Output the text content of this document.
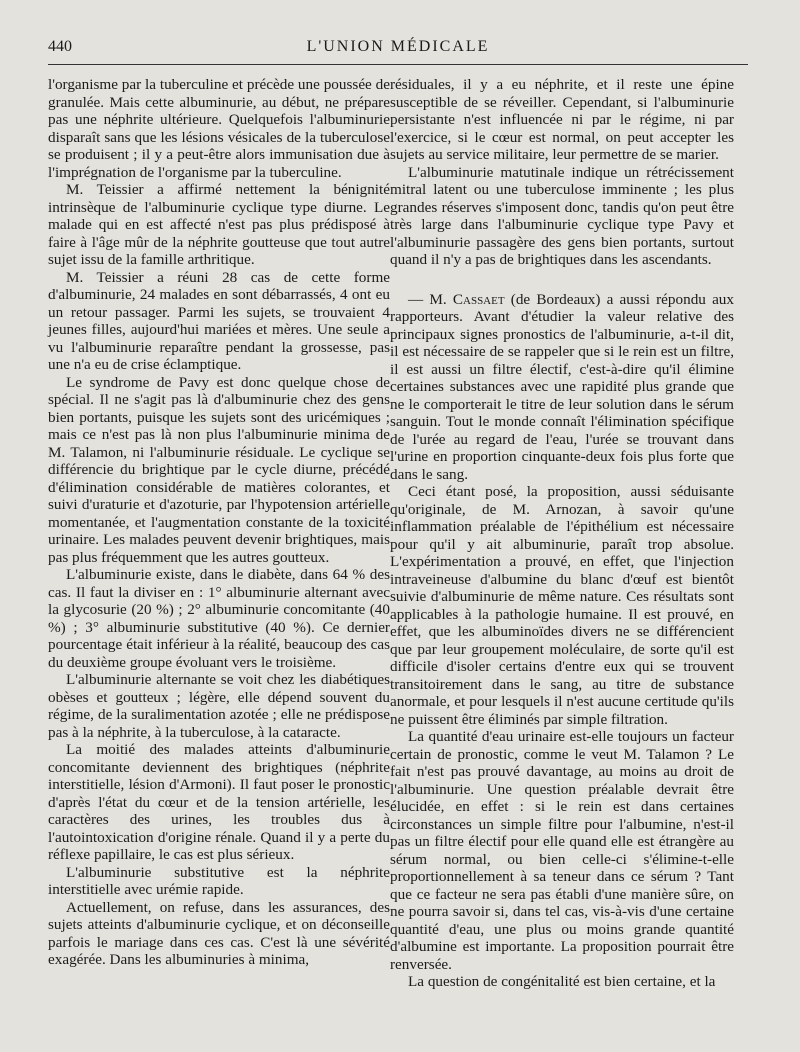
440	L'UNION MÉDICALE

l'organisme par la tuberculine et précède une poussée de granulée. Mais cette albuminurie, au début, ne prépare pas une néphrite ultérieure. Quelquefois l'albuminurie disparaît sans que les lésions vésicales de la tuberculose se produisent ; il y a peut-être alors immunisation due à l'imprégnation de l'organisme par la tuberculine.

M. Teissier a affirmé nettement la bénignité intrinsèque de l'albuminurie cyclique type diurne. Le malade qui en est affecté n'est pas plus prédisposé à faire à l'âge mûr de la néphrite goutteuse que tout autre sujet issu de la famille arthritique.

M. Teissier a réuni 28 cas de cette forme d'albuminurie, 24 malades en sont débarrassés, 4 ont eu un retour passager. Parmi les sujets, se trouvaient 4 jeunes filles, aujourd'hui mariées et mères. Une seule a vu l'albuminurie reparaître pendant la grossesse, pas une n'a eu de crise éclamptique.

Le syndrome de Pavy est donc quelque chose de spécial. Il ne s'agit pas là d'albuminurie chez des gens bien portants, puisque les sujets sont des uricémiques ; mais ce n'est pas là non plus l'albuminurie minima de M. Talamon, ni l'albuminurie résiduale. Le cyclique se différencie du brightique par le cycle diurne, précédé d'élimination considérable de matières colorantes, et suivi d'uraturie et d'azoturie, par l'hypotension artérielle momentanée, et l'augmentation constante de la toxicité urinaire. Les malades peuvent devenir brightiques, mais pas plus fréquemment que les autres goutteux.

L'albuminurie existe, dans le diabète, dans 64 % des cas. Il faut la diviser en : 1° albuminurie alternant avec la glycosurie (20 %) ; 2° albuminurie concomitante (40 %) ; 3° albuminurie substitutive (40 %). Ce dernier pourcentage était inférieur à la réalité, beaucoup des cas du deuxième groupe évoluant vers le troisième.

L'albuminurie alternante se voit chez les diabétiques obèses et goutteux ; légère, elle dépend souvent du régime, de la suralimentation azotée ; elle ne prédispose pas à la néphrite, à la tuberculose, à la cataracte.

La moitié des malades atteints d'albuminurie concomitante deviennent des brightiques (néphrite interstitielle, lésion d'Armoni). Il faut poser le pronostic d'après l'état du cœur et de la tension artérielle, les caractères des urines, les troubles dus à l'autointoxication d'origine rénale. Quand il y a perte du réflexe papillaire, le cas est plus sérieux.

L'albuminurie substitutive est la néphrite interstitielle avec urémie rapide.

Actuellement, on refuse, dans les assurances, des sujets atteints d'albuminurie cyclique, et on déconseille parfois le mariage dans ces cas. C'est là une sévérité exagérée. Dans les albuminuries à minima,

résiduales, il y a eu néphrite, et il reste une épine susceptible de se réveiller. Cependant, si l'albuminurie persistante n'est influencée ni par le régime, ni par l'exercice, si le cœur est normal, on peut accepter les sujets au service militaire, leur permettre de se marier.

L'albuminurie matutinale indique un rétrécissement mitral latent ou une tuberculose imminente ; les plus grandes réserves s'imposent donc, tandis qu'on peut être très large dans l'albuminurie cyclique type Pavy et l'albuminurie passagère des gens bien portants, surtout quand il n'y a pas de brightiques dans les ascendants.

— M. Cassaet (de Bordeaux) a aussi répondu aux rapporteurs. Avant d'étudier la valeur relative des principaux signes pronostics de l'albuminurie, a-t-il dit, il est nécessaire de se rappeler que si le rein est un filtre, il est aussi un filtre électif, c'est-à-dire qu'il élimine certaines substances avec une rapidité plus grande que ne le comporterait le titre de leur solution dans le sérum sanguin. Tout le monde connaît l'élimination spécifique de l'urée au regard de l'eau, l'urée se trouvant dans l'urine en proportion cinquante-deux fois plus forte que dans le sang.

Ceci étant posé, la proposition, aussi séduisante qu'originale, de M. Arnozan, à savoir qu'une inflammation préalable de l'épithélium est nécessaire pour qu'il y ait albuminurie, paraît trop absolue. L'expérimentation a prouvé, en effet, que l'injection intraveineuse d'albumine du blanc d'œuf est bientôt suivie d'albuminurie de même nature. Ces résultats sont applicables à la pathologie humaine. Il est prouvé, en effet, que les albuminoïdes divers ne se différencient que par leur groupement moléculaire, de sorte qu'il est difficile d'isoler certains d'entre eux qui se trouvent transitoirement dans le sang, au titre de substance anormale, et pour lesquels il n'est aucune certitude qu'ils ne puissent être éliminés par simple filtration.

La quantité d'eau urinaire est-elle toujours un facteur certain de pronostic, comme le veut M. Talamon ? Le fait n'est pas prouvé davantage, au moins au droit de l'albuminurie. Une question préalable devrait être élucidée, en effet : si le rein est dans certaines circonstances un simple filtre pour l'albumine, n'est-il pas un filtre électif pour elle quand elle est étrangère au sérum normal, ou bien celle-ci s'élimine-t-elle proportionnellement à sa teneur dans ce sérum ? Tant que ce facteur ne sera pas établi d'une manière sûre, on ne pourra savoir si, dans tel cas, vis-à-vis d'une certaine quantité d'eau, une plus ou moins grande quantité d'albumine est importante. La proposition pourrait être renversée.

La question de congénitalité est bien certaine, et la
